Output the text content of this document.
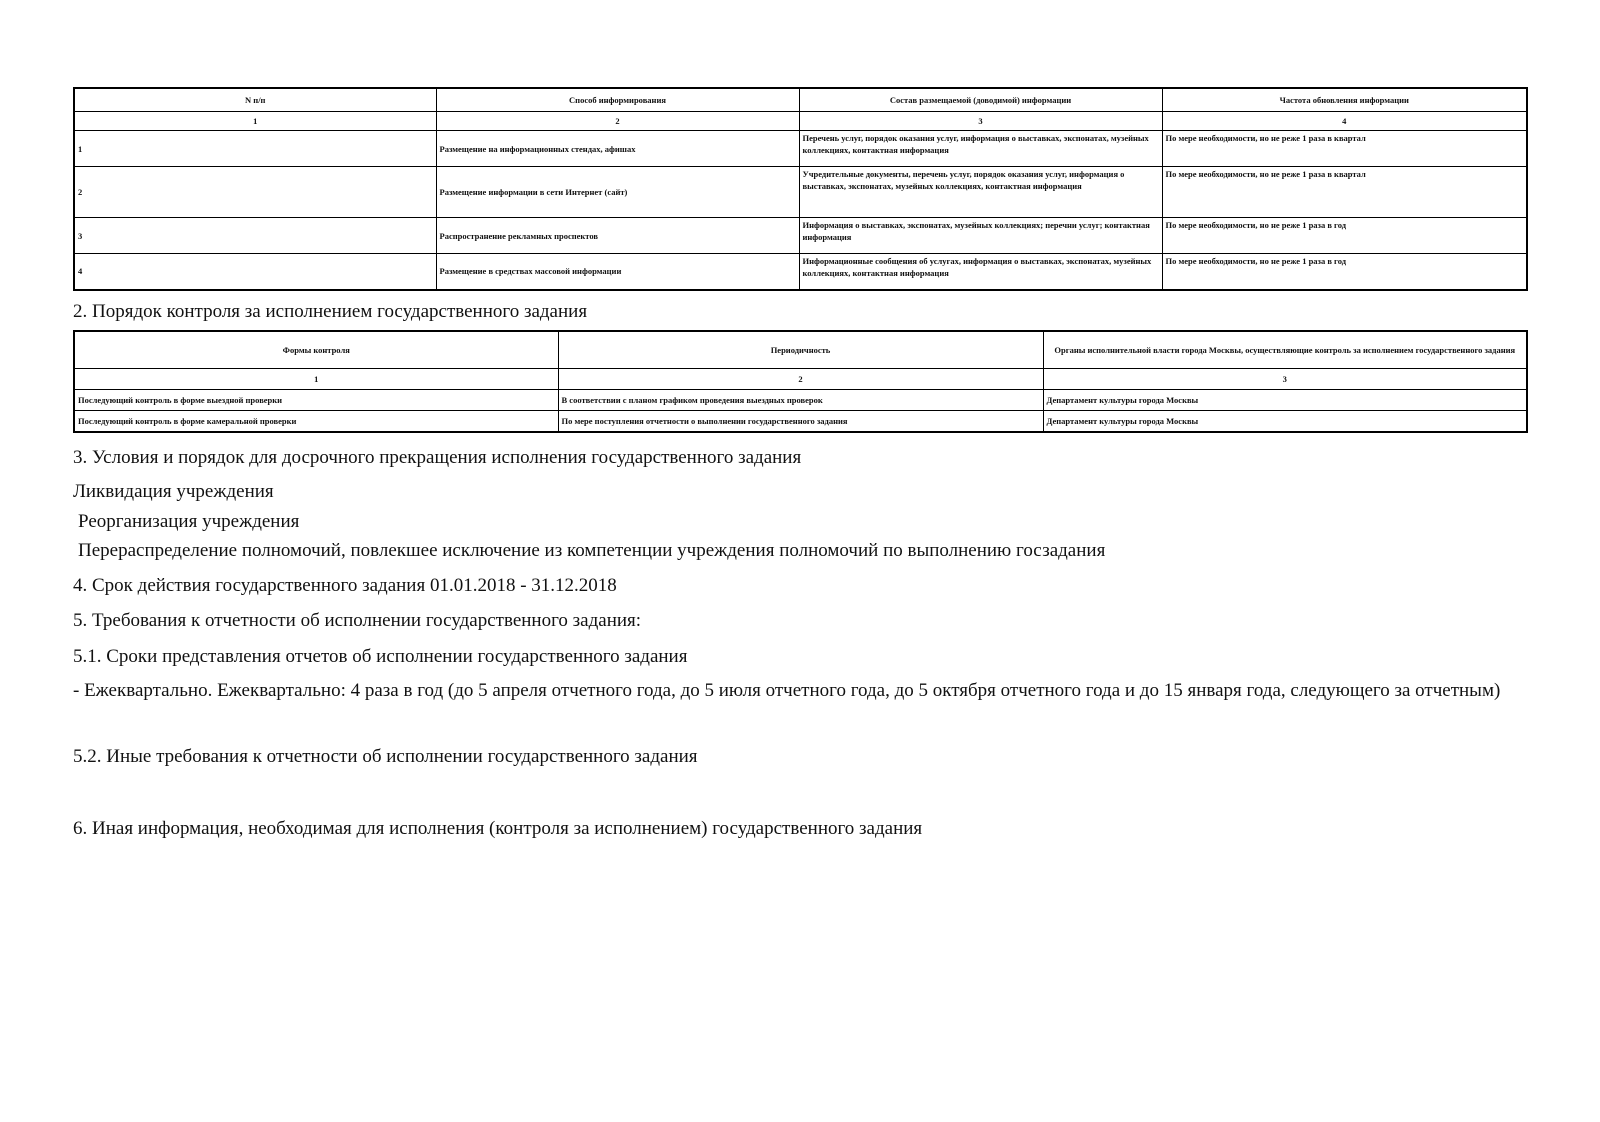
N п/п	Способ информирования	Состав размещаемой (доводимой) информации	Частота обновления информации
1	2	3	4
1	Размещение на информационных стендах, афишах	Перечень услуг, порядок оказания услуг, информация о выставках, экспонатах, музейных коллекциях, контактная информация	По мере необходимости, но не реже 1 раза в квартал
2	Размещение информации в сети Интернет (сайт)	Учредительные документы, перечень услуг, порядок оказания услуг, информация о выставках, экспонатах, музейных коллекциях, контактная информация	По мере необходимости, но не реже 1 раза в квартал
3	Распространение рекламных проспектов	Информация о выставках, экспонатах, музейных коллекциях; перечни услуг; контактная информация	По мере необходимости, но не реже 1 раза в год
4	Размещение в средствах массовой информации	Информационные сообщения об услугах, информация о выставках, экспонатах, музейных коллекциях, контактная информация	По мере необходимости, но не реже 1 раза в год

2. Порядок контроля за исполнением государственного задания

Формы контроля	Периодичность	Органы исполнительной власти города Москвы, осуществляющие контроль за исполнением государственного задания
1	2	3
Последующий контроль в форме выездной проверки	В соответствии с планом графиком проведения выездных проверок	Департамент культуры города Москвы
Последующий контроль в форме камеральной проверки	По мере поступления отчетности о выполнении государственного задания	Департамент культуры города Москвы

3. Условия и порядок для досрочного прекращения исполнения государственного задания

Ликвидация учреждения

Реорганизация учреждения

Перераспределение полномочий, повлекшее исключение из компетенции учреждения полномочий по выполнению госзадания

4. Срок действия государственного задания 01.01.2018 - 31.12.2018

5. Требования к отчетности об исполнении государственного задания:

5.1. Сроки представления отчетов об исполнении государственного задания

- Ежеквартально. Ежеквартально: 4 раза в год (до 5 апреля отчетного года, до 5 июля отчетного года, до 5 октября отчетного года и до 15 января года, следующего за отчетным)

5.2. Иные требования к отчетности об исполнении государственного задания

6. Иная информация, необходимая для исполнения (контроля за исполнением) государственного задания
